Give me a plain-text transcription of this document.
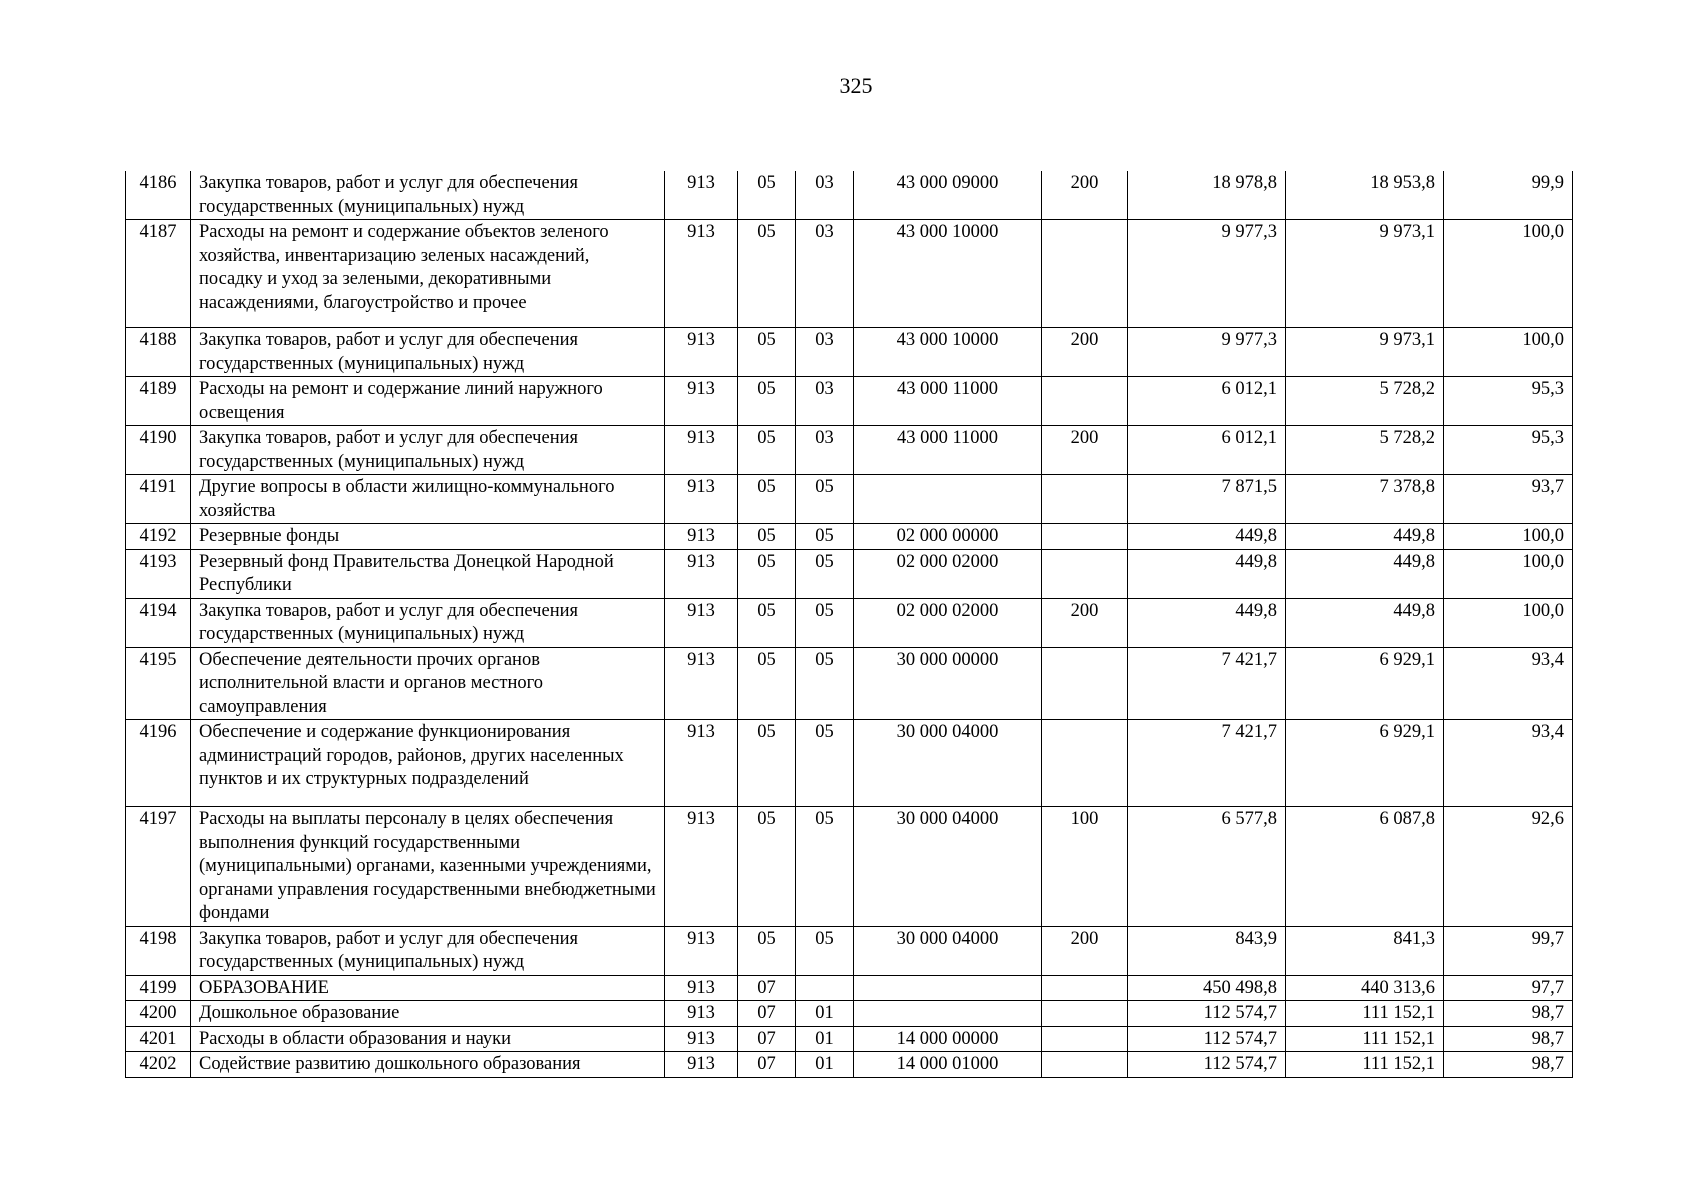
325
4186	Закупка товаров, работ и услуг для обеспечения государственных (муниципальных) нужд	913	05	03	43 000 09000	200	18 978,8	18 953,8	99,9
4187	Расходы на ремонт и содержание объектов зеленого хозяйства, инвентаризацию зеленых насаждений, посадку и уход за зелеными, декоративными насаждениями, благоустройство и прочее	913	05	03	43 000 10000		9 977,3	9 973,1	100,0
4188	Закупка товаров, работ и услуг для обеспечения государственных (муниципальных) нужд	913	05	03	43 000 10000	200	9 977,3	9 973,1	100,0
4189	Расходы на ремонт и содержание линий наружного освещения	913	05	03	43 000 11000		6 012,1	5 728,2	95,3
4190	Закупка товаров, работ и услуг для обеспечения государственных (муниципальных) нужд	913	05	03	43 000 11000	200	6 012,1	5 728,2	95,3
4191	Другие вопросы в области жилищно-коммунального хозяйства	913	05	05			7 871,5	7 378,8	93,7
4192	Резервные фонды	913	05	05	02 000 00000		449,8	449,8	100,0
4193	Резервный фонд Правительства Донецкой Народной Республики	913	05	05	02 000 02000		449,8	449,8	100,0
4194	Закупка товаров, работ и услуг для обеспечения государственных (муниципальных) нужд	913	05	05	02 000 02000	200	449,8	449,8	100,0
4195	Обеспечение деятельности прочих органов исполнительной власти и органов местного самоуправления	913	05	05	30 000 00000		7 421,7	6 929,1	93,4
4196	Обеспечение и содержание функционирования администраций городов, районов, других населенных пунктов и их структурных подразделений	913	05	05	30 000 04000		7 421,7	6 929,1	93,4
4197	Расходы на выплаты персоналу в целях обеспечения выполнения функций государственными (муниципальными) органами, казенными учреждениями, органами управления государственными внебюджетными фондами	913	05	05	30 000 04000	100	6 577,8	6 087,8	92,6
4198	Закупка товаров, работ и услуг для обеспечения государственных (муниципальных) нужд	913	05	05	30 000 04000	200	843,9	841,3	99,7
4199	ОБРАЗОВАНИЕ	913	07				450 498,8	440 313,6	97,7
4200	Дошкольное образование	913	07	01			112 574,7	111 152,1	98,7
4201	Расходы в области образования и науки	913	07	01	14 000 00000		112 574,7	111 152,1	98,7
4202	Содействие развитию дошкольного образования	913	07	01	14 000 01000		112 574,7	111 152,1	98,7
